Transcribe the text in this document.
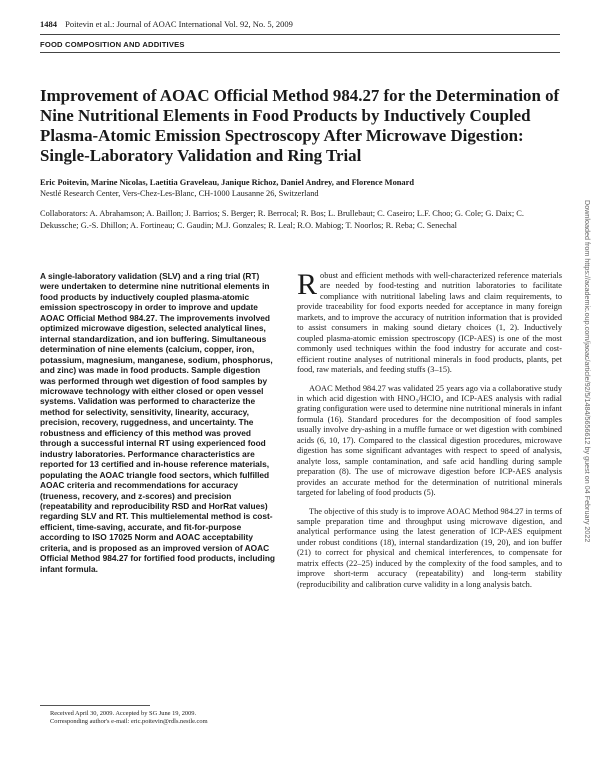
1484 Poitevin et al.: Journal of AOAC International Vol. 92, No. 5, 2009
FOOD COMPOSITION AND ADDITIVES
Improvement of AOAC Official Method 984.27 for the Determination of Nine Nutritional Elements in Food Products by Inductively Coupled Plasma-Atomic Emission Spectroscopy After Microwave Digestion: Single-Laboratory Validation and Ring Trial
Eric Poitevin, Marine Nicolas, Laetitia Graveleau, Janique Richoz, Daniel Andrey, and Florence Monard
Nestlé Research Center, Vers-Chez-Les-Blanc, CH-1000 Lausanne 26, Switzerland

Collaborators: A. Abrahamson; A. Baillon; J. Barrios; S. Berger; R. Berrocal; R. Bos; L. Brullebaut; C. Caseiro; L.F. Choo; G. Cole; G. Daix; C. Dekussche; G.-S. Dhillon; A. Fortineau; C. Gaudin; M.J. Gonzales; R. Leal; R.O. Mabiog; T. Noorlos; R. Reba; C. Senechal

A single-laboratory validation (SLV) and a ring trial (RT) were undertaken to determine nine nutritional elements in food products by inductively coupled plasma-atomic emission spectroscopy in order to improve and update AOAC Official Method 984.27. The improvements involved optimized microwave digestion, selected analytical lines, internal standardization, and ion buffering. Simultaneous determination of nine elements (calcium, copper, iron, potassium, magnesium, manganese, sodium, phosphorus, and zinc) was made in food products. Sample digestion was performed through wet digestion of food samples by microwave technology with either closed or open vessel systems. Validation was performed to characterize the method for selectivity, sensitivity, linearity, accuracy, precision, recovery, ruggedness, and uncertainty. The robustness and efficiency of this method was proved through a successful internal RT using experienced food industry laboratories. Performance characteristics are reported for 13 certified and in-house reference materials, populating the AOAC triangle food sectors, which fulfilled AOAC criteria and recommendations for accuracy (trueness, recovery, and z-scores) and precision (repeatability and reproducibility RSD and HorRat values) regarding SLV and RT. This multielemental method is cost-efficient, time-saving, accurate, and fit-for-purpose according to ISO 17025 Norm and AOAC acceptability criteria, and is proposed as an improved version of AOAC Official Method 984.27 for fortified food products, including infant formula.

Received April 30, 2009. Accepted by SG June 19, 2009.
Corresponding author's e-mail: eric.poitevin@rdls.nestle.com

Robust and efficient methods with well-characterized reference materials are needed by food-testing and nutrition laboratories to facilitate compliance with nutritional labeling laws and claim requirements, to provide traceability for food exports needed for acceptance in many foreign markets, and to improve the accuracy of nutrition information that is provided to assist consumers in making sound dietary choices (1, 2). Inductively coupled plasma-atomic emission spectroscopy (ICP-AES) is one of the most commonly used techniques within the food industry for accurate and cost-efficient routine analyses of nutritional minerals in food products, plants, pet food, raw materials, and feeding stuffs (3–15).

AOAC Method 984.27 was validated 25 years ago via a collaborative study in which acid digestion with HNO₃/HClO₄ and ICP-AES analysis with radial grating configuration were used to determine nine nutritional minerals in infant formula (16). Standard procedures for the decomposition of food samples usually involve dry-ashing in a muffle furnace or wet digestion with combined acids (6, 10, 17). Compared to the classical digestion procedures, microwave digestion has some significant advantages with respect to speed of analysis, analyte loss, sample contamination, and safe acid handling during sample preparation (8). The use of microwave digestion before ICP-AES analysis provides an accurate method for the determination of nutritional minerals targeted for labeling of food products (5).

The objective of this study is to improve AOAC Method 984.27 in terms of sample preparation time and throughput using microwave digestion, and analytical performance using the latest generation of ICP-AES equipment under robust conditions (18), internal standardization (19, 20), and ion buffer (21) to correct for physical and chemical interferences, to compensate for matrix effects (22–25) induced by the complexity of the food samples, and to improve short-term accuracy (repeatability) and long-term stability (reproducibility and calibration curve validity in a long analysis batch.

Downloaded from https://academic.oup.com/jaoac/article/92/5/1484/5656612 by guest on 04 February 2022
